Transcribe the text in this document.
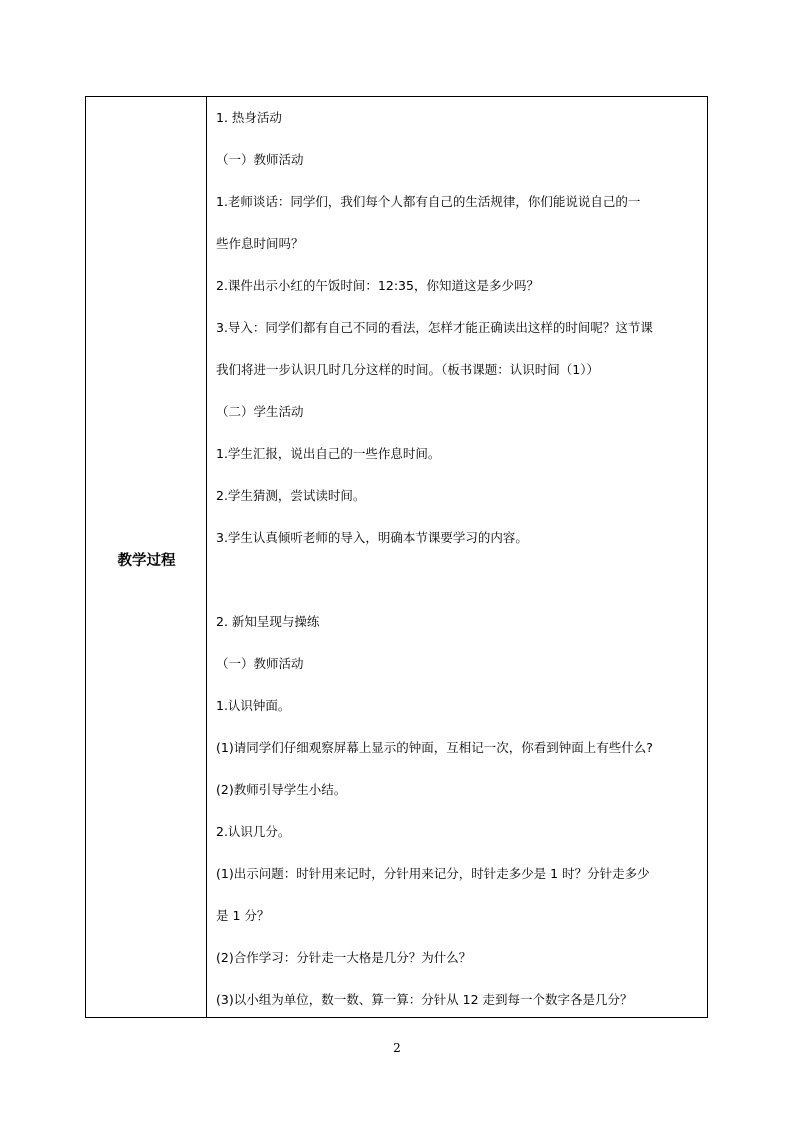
教学过程
1. 热身活动
（一）教师活动
1.老师谈话：同学们，我们每个人都有自己的生活规律，你们能说说自己的一
些作息时间吗？
2.课件出示小红的午饭时间：12:35，你知道这是多少吗？
3.导入：同学们都有自己不同的看法，怎样才能正确读出这样的时间呢？这节课
我们将进一步认识几时几分这样的时间。（板书课题：认识时间（1））
（二）学生活动
1.学生汇报，说出自己的一些作息时间。
2.学生猜测，尝试读时间。
3.学生认真倾听老师的导入，明确本节课要学习的内容。
2. 新知呈现与操练
（一）教师活动
1.认识钟面。
(1)请同学们仔细观察屏幕上显示的钟面，互相记一次，你看到钟面上有些什么?
(2)教师引导学生小结。
2.认识几分。
(1)出示问题：时针用来记时，分针用来记分，时针走多少是 1 时？分针走多少
是 1 分？
(2)合作学习：分针走一大格是几分？为什么？
(3)以小组为单位，数一数、算一算：分针从 12 走到每一个数字各是几分？
2
